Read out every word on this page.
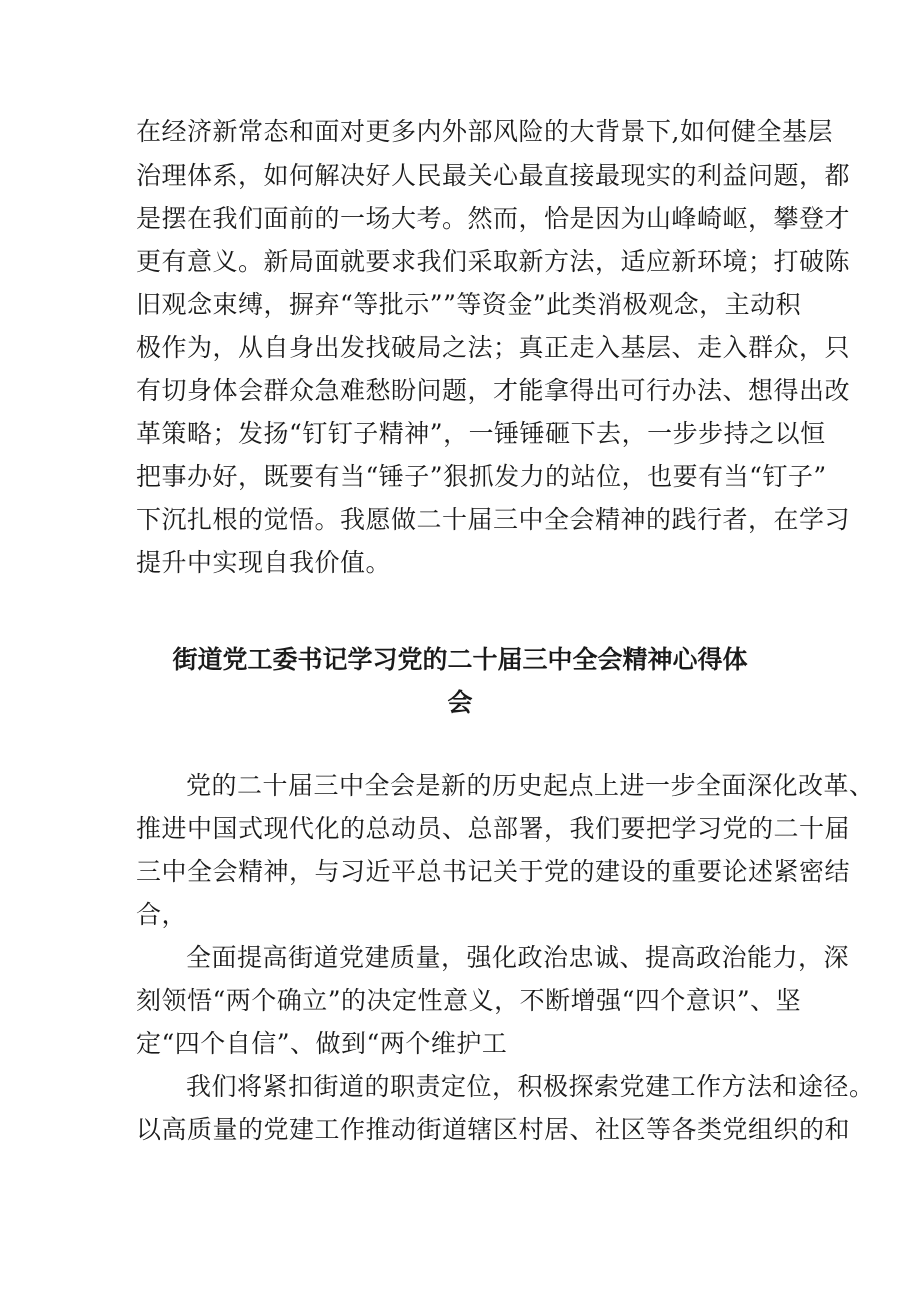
在经济新常态和面对更多内外部风险的大背景下,如何健全基层

治理体系，如何解决好人民最关心最直接最现实的利益问题，都

是摆在我们面前的一场大考。然而，恰是因为山峰崎岖，攀登才

更有意义。新局面就要求我们采取新方法，适应新环境；打破陈

旧观念束缚，摒弃“等批示””等资金”此类消极观念，主动积

极作为，从自身出发找破局之法；真正走入基层、走入群众，只

有切身体会群众急难愁盼问题，才能拿得出可行办法、想得出改

革策略；发扬“钉钉子精神”，一锤锤砸下去，一步步持之以恒

把事办好，既要有当“锤子”狠抓发力的站位，也要有当“钉子”

下沉扎根的觉悟。我愿做二十届三中全会精神的践行者，在学习

提升中实现自我价值。

街道党工委书记学习党的二十届三中全会精神心得体
会

党的二十届三中全会是新的历史起点上进一步全面深化改革、

推进中国式现代化的总动员、总部署，我们要把学习党的二十届

三中全会精神，与习近平总书记关于党的建设的重要论述紧密结

合，

全面提高街道党建质量，强化政治忠诚、提高政治能力，深

刻领悟“两个确立”的决定性意义，不断增强“四个意识”、坚

定“四个自信”、做到“两个维护工

我们将紧扣街道的职责定位，积极探索党建工作方法和途径。

以高质量的党建工作推动街道辖区村居、社区等各类党组织的和
